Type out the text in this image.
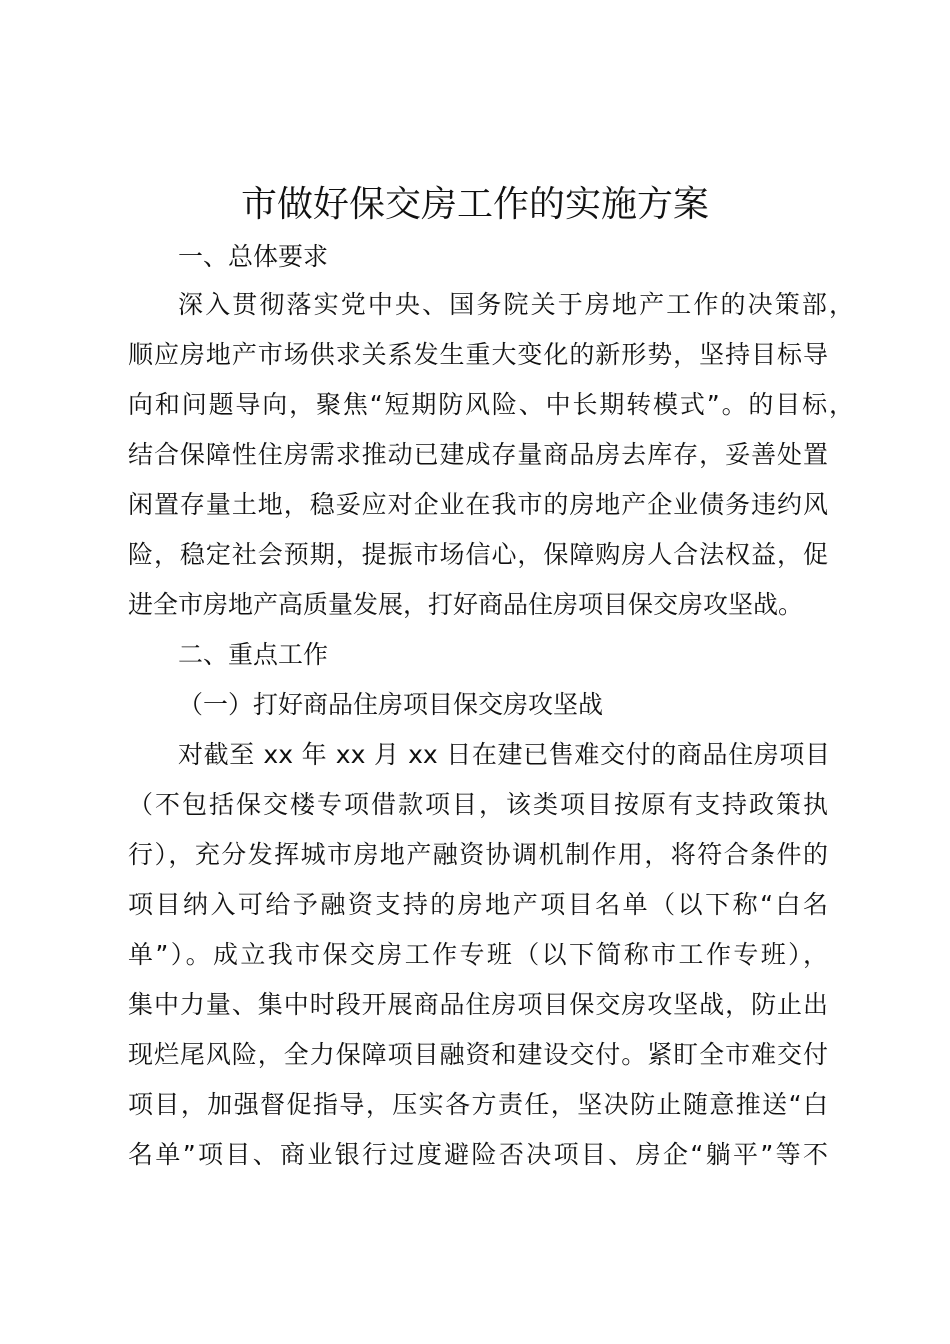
市做好保交房工作的实施方案

一、总体要求

深入贯彻落实党中央、国务院关于房地产工作的决策部，

顺应房地产市场供求关系发生重大变化的新形势，坚持目标导

向和问题导向，聚焦“短期防风险、中长期转模式”。的目标，

结合保障性住房需求推动已建成存量商品房去库存，妥善处置

闲置存量土地，稳妥应对企业在我市的房地产企业债务违约风

险，稳定社会预期，提振市场信心，保障购房人合法权益，促

进全市房地产高质量发展，打好商品住房项目保交房攻坚战。

二、重点工作

（一）打好商品住房项目保交房攻坚战

对截至 xx 年 xx 月 xx 日在建已售难交付的商品住房项目

（不包括保交楼专项借款项目，该类项目按原有支持政策执

行），充分发挥城市房地产融资协调机制作用，将符合条件的

项目纳入可给予融资支持的房地产项目名单（以下称“白名

单”）。成立我市保交房工作专班（以下简称市工作专班），

集中力量、集中时段开展商品住房项目保交房攻坚战，防止出

现烂尾风险，全力保障项目融资和建设交付。紧盯全市难交付

项目，加强督促指导，压实各方责任，坚决防止随意推送“白

名单”项目、商业银行过度避险否决项目、房企“躺平”等不
